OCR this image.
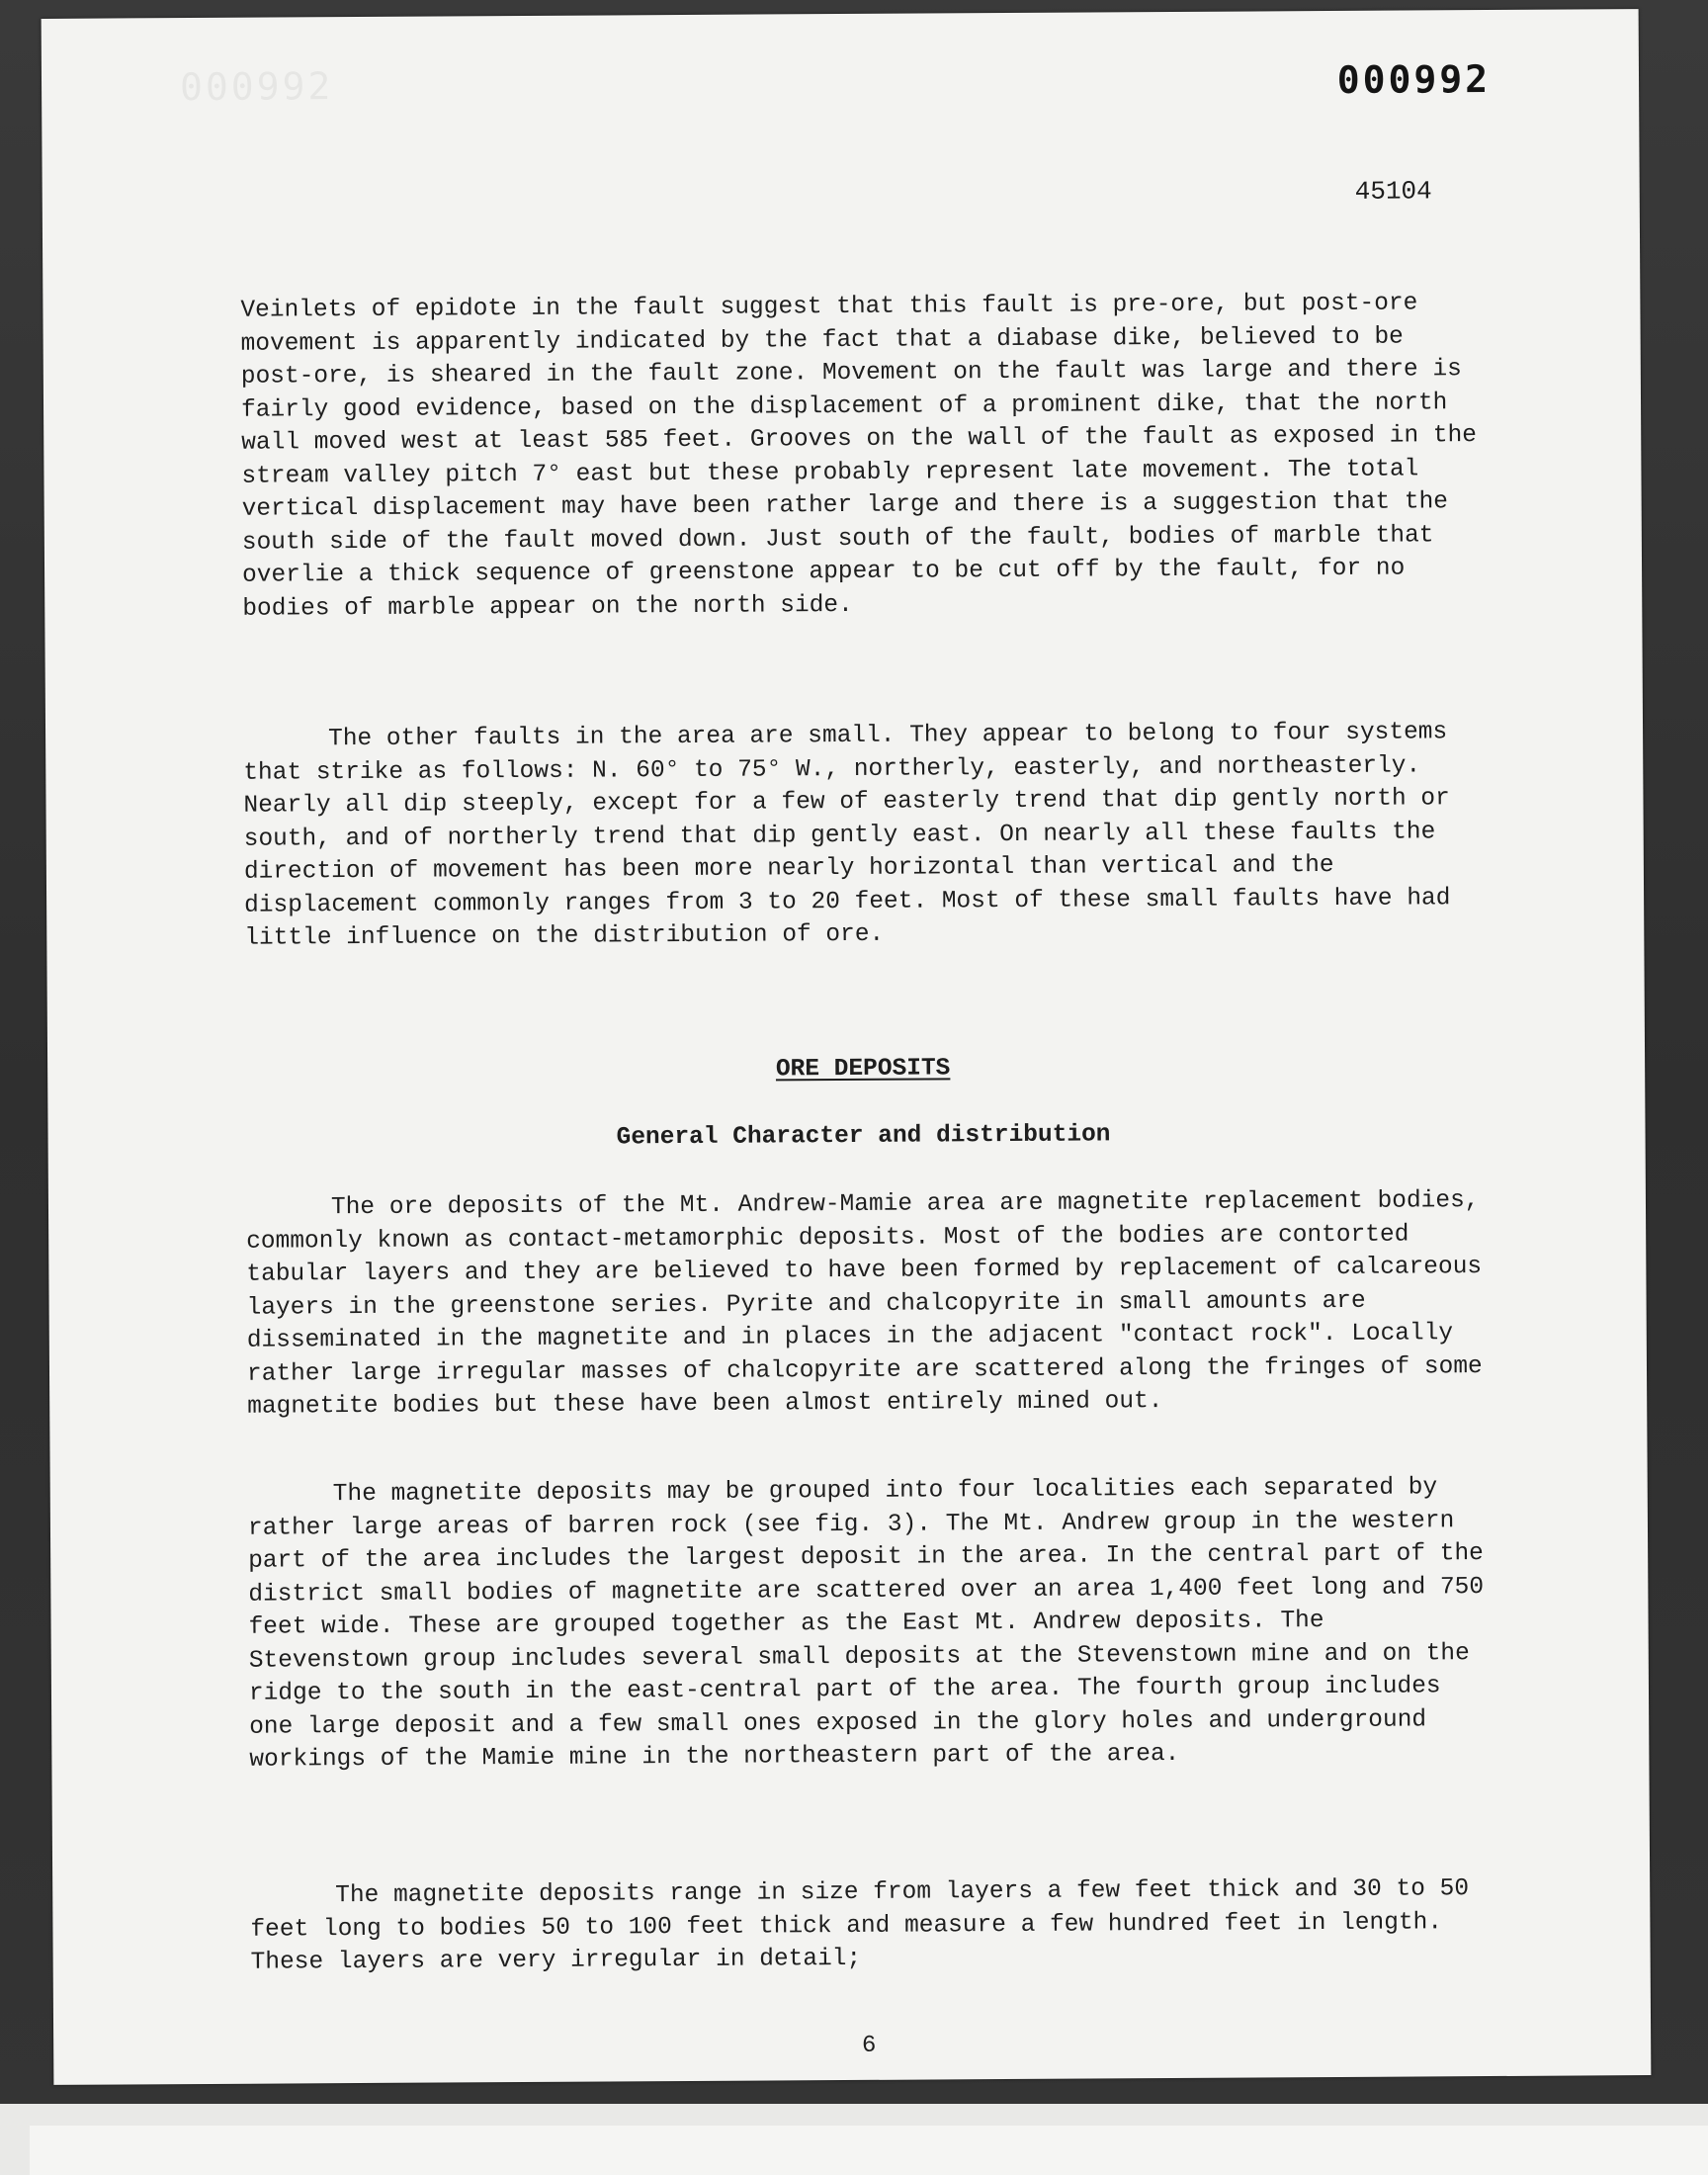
000992	000992
45104

Veinlets of epidote in the fault suggest that this fault is pre-ore, but post-ore movement is apparently indicated by the fact that a diabase dike, believed to be post-ore, is sheared in the fault zone. Movement on the fault was large and there is fairly good evidence, based on the displacement of a prominent dike, that the north wall moved west at least 585 feet. Grooves on the wall of the fault as exposed in the stream valley pitch 7° east but these probably represent late movement. The total vertical displacement may have been rather large and there is a suggestion that the south side of the fault moved down. Just south of the fault, bodies of marble that overlie a thick sequence of greenstone appear to be cut off by the fault, for no bodies of marble appear on the north side.

The other faults in the area are small. They appear to belong to four systems that strike as follows: N. 60° to 75° W., northerly, easterly, and northeasterly. Nearly all dip steeply, except for a few of easterly trend that dip gently north or south, and of northerly trend that dip gently east. On nearly all these faults the direction of movement has been more nearly horizontal than vertical and the displacement commonly ranges from 3 to 20 feet. Most of these small faults have had little influence on the distribution of ore.

ORE DEPOSITS
General Character and distribution

The ore deposits of the Mt. Andrew-Mamie area are magnetite replacement bodies, commonly known as contact-metamorphic deposits. Most of the bodies are contorted tabular layers and they are believed to have been formed by replacement of calcareous layers in the greenstone series. Pyrite and chalcopyrite in small amounts are disseminated in the magnetite and in places in the adjacent "contact rock". Locally rather large irregular masses of chalcopyrite are scattered along the fringes of some magnetite bodies but these have been almost entirely mined out.

The magnetite deposits may be grouped into four localities each separated by rather large areas of barren rock (see fig. 3). The Mt. Andrew group in the western part of the area includes the largest deposit in the area. In the central part of the district small bodies of magnetite are scattered over an area 1,400 feet long and 750 feet wide. These are grouped together as the East Mt. Andrew deposits. The Stevenstown group includes several small deposits at the Stevenstown mine and on the ridge to the south in the east-central part of the area. The fourth group includes one large deposit and a few small ones exposed in the glory holes and underground workings of the Mamie mine in the northeastern part of the area.

The magnetite deposits range in size from layers a few feet thick and 30 to 50 feet long to bodies 50 to 100 feet thick and measure a few hundred feet in length. These layers are very irregular in detail;

6
